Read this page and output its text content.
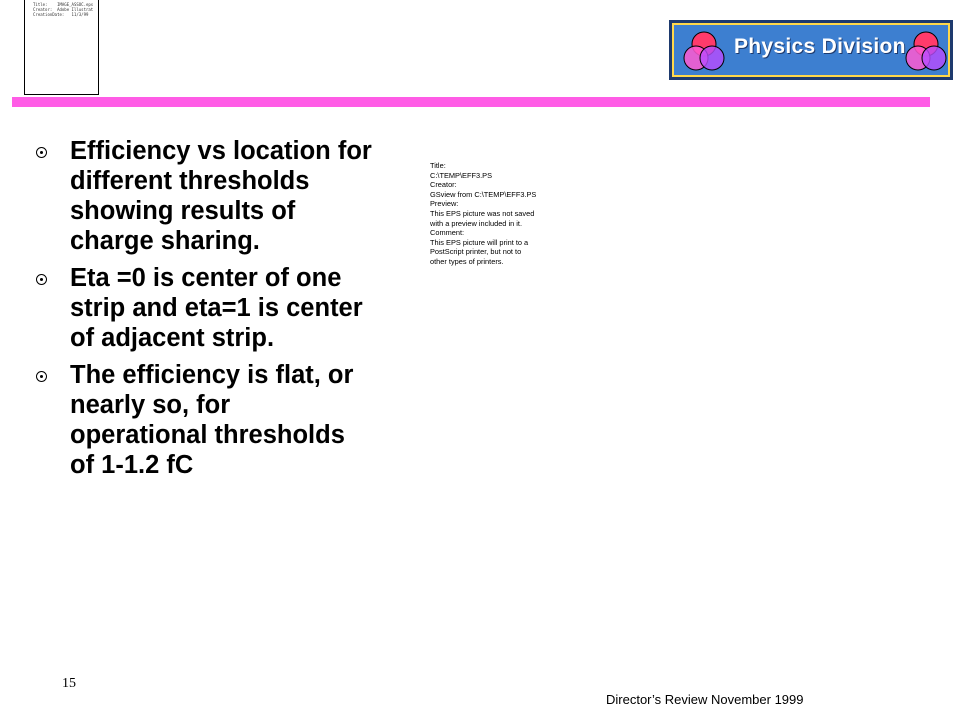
Title:    IMAGE_ASSOC.eps
Creator:  Adobe Illustrat
CreationDate:   11/3/99
Physics Division
Efficiency vs location for different thresholds showing results of charge sharing.
Eta =0 is center of one strip and eta=1 is center of adjacent strip.
The efficiency is flat, or nearly so, for operational thresholds of 1-1.2 fC
Title:
C:\TEMP\EFF3.PS
Creator:
GSview from C:\TEMP\EFF3.PS
Preview:
This EPS picture was not saved
with a preview included in it.
Comment:
This EPS picture will print to a
PostScript printer, but not to
other types of printers.
15
Director’s Review November 1999
